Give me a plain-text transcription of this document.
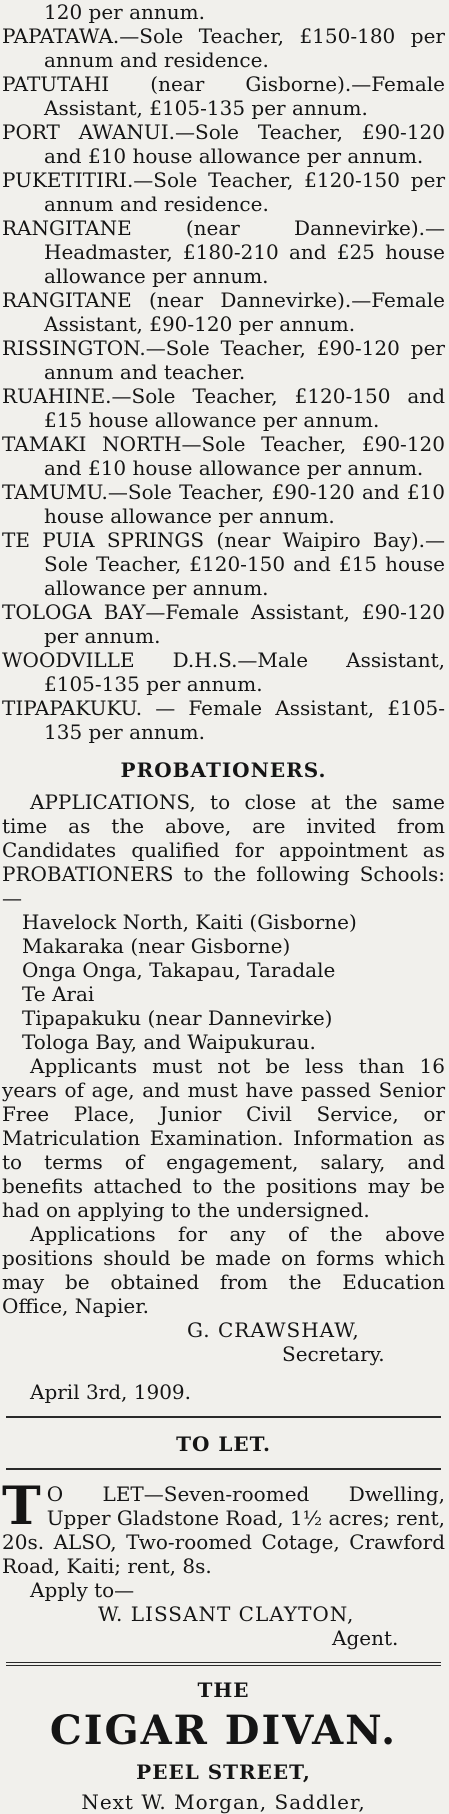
120 per annum.

PAPATAWA.—Sole Teacher, £150-180 per annum and residence.

PATUTAHI (near Gisborne).—Female Assistant, £105-135 per annum.

PORT AWANUI.—Sole Teacher, £90-120 and £10 house allowance per annum.

PUKETITIRI.—Sole Teacher, £120-150 per annum and residence.

RANGITANE (near Dannevirke).—Headmaster, £180-210 and £25 house allowance per annum.

RANGITANE (near Dannevirke).—Female Assistant, £90-120 per annum.

RISSINGTON.—Sole Teacher, £90-120 per annum and teacher.

RUAHINE.—Sole Teacher, £120-150 and £15 house allowance per annum.

TAMAKI NORTH—Sole Teacher, £90-120 and £10 house allowance per annum.

TAMUMU.—Sole Teacher, £90-120 and £10 house allowance per annum.

TE PUIA SPRINGS (near Waipiro Bay).—Sole Teacher, £120-150 and £15 house allowance per annum.

TOLOGA BAY—Female Assistant, £90-120 per annum.

WOODVILLE D.H.S.—Male Assistant, £105-135 per annum.

TIPAPAKUKU. — Female Assistant, £105-135 per annum.

PROBATIONERS.

APPLICATIONS, to close at the same time as the above, are invited from Candidates qualified for appointment as PROBATIONERS to the following Schools:—

Havelock North, Kaiti (Gisborne)

Makaraka (near Gisborne)

Onga Onga, Takapau, Taradale

Te Arai

Tipapakuku (near Dannevirke)

Tologa Bay, and Waipukurau.

Applicants must not be less than 16 years of age, and must have passed Senior Free Place, Junior Civil Service, or Matriculation Examination. Information as to terms of engagement, salary, and benefits attached to the positions may be had on applying to the undersigned.

Applications for any of the above positions should be made on forms which may be obtained from the Education Office, Napier.

G. CRAWSHAW,

Secretary.

April 3rd, 1909.

TO LET.

T O LET—Seven-roomed Dwelling, Upper Gladstone Road, 1½ acres; rent, 20s. ALSO, Two-roomed Cotage, Crawford Road, Kaiti; rent, 8s.

Apply to—

W. LISSANT CLAYTON,

Agent.

THE
CIGAR DIVAN.
PEEL STREET,
Next W. Morgan, Saddler,
